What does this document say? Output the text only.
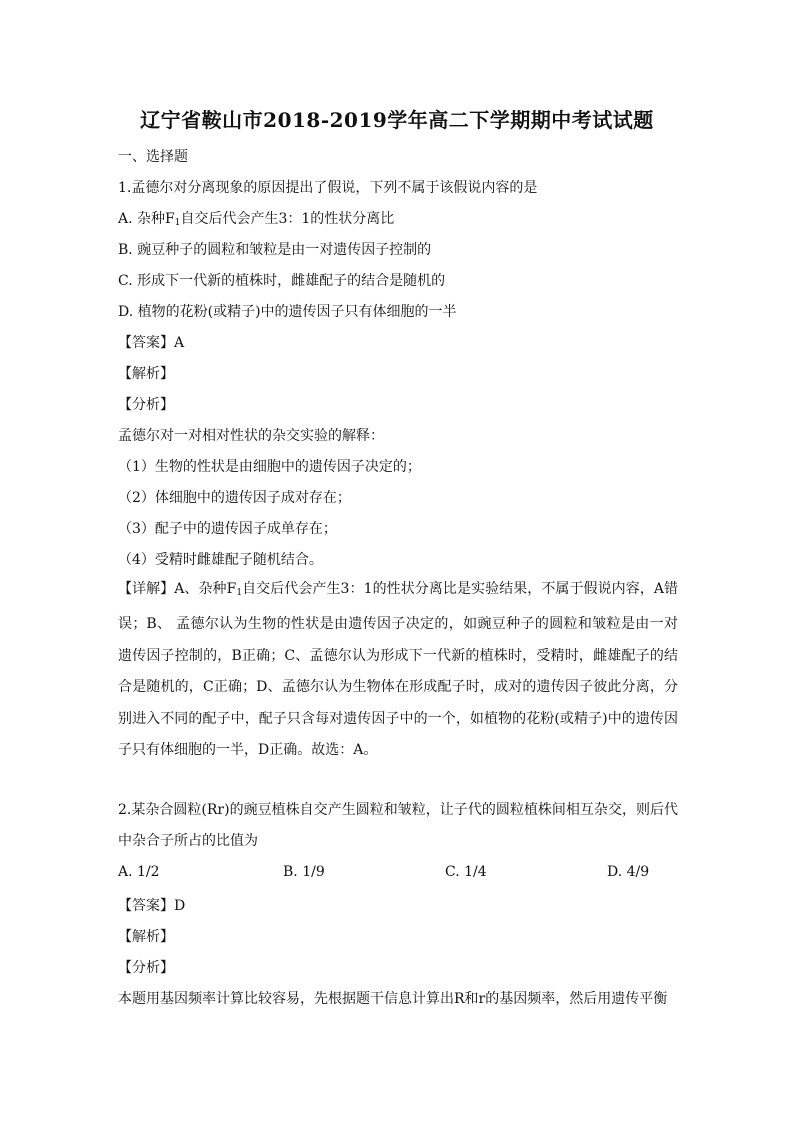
辽宁省鞍山市2018-2019学年高二下学期期中考试试题
一、选择题
1.孟德尔对分离现象的原因提出了假说，下列不属于该假说内容的是
A. 杂种$F_1$自交后代会产生3：1的性状分离比
B. 豌豆种子的圆粒和皱粒是由一对遗传因子控制的
C. 形成下一代新的植株时，雌雄配子的结合是随机的
D. 植物的花粉(或精子)中的遗传因子只有体细胞的一半
【答案】A
【解析】
【分析】
孟德尔对一对相对性状的杂交实验的解释：
（1）生物的性状是由细胞中的遗传因子决定的；
（2）体细胞中的遗传因子成对存在；
（3）配子中的遗传因子成单存在；
（4）受精时雌雄配子随机结合。
【详解】A、杂种$F_1$自交后代会产生3：1的性状分离比是实验结果，不属于假说内容，A错误；B、 孟德尔认为生物的性状是由遗传因子决定的，如豌豆种子的圆粒和皱粒是由一对遗传因子控制的，B正确；C、孟德尔认为形成下一代新的植株时，受精时，雌雄配子的结合是随机的，C正确；D、孟德尔认为生物体在形成配子时，成对的遗传因子彼此分离，分别进入不同的配子中，配子只含每对遗传因子中的一个，如植物的花粉(或精子)中的遗传因子只有体细胞的一半，D正确。故选：A。
2.某杂合圆粒(Rr)的豌豆植株自交产生圆粒和皱粒，让子代的圆粒植株间相互杂交，则后代中杂合子所占的比值为
A. 1/2	B. 1/9	C. 1/4	D. 4/9
【答案】D
【解析】
【分析】
本题用基因频率计算比较容易，先根据题干信息计算出R和r的基因频率，然后用遗传平衡
